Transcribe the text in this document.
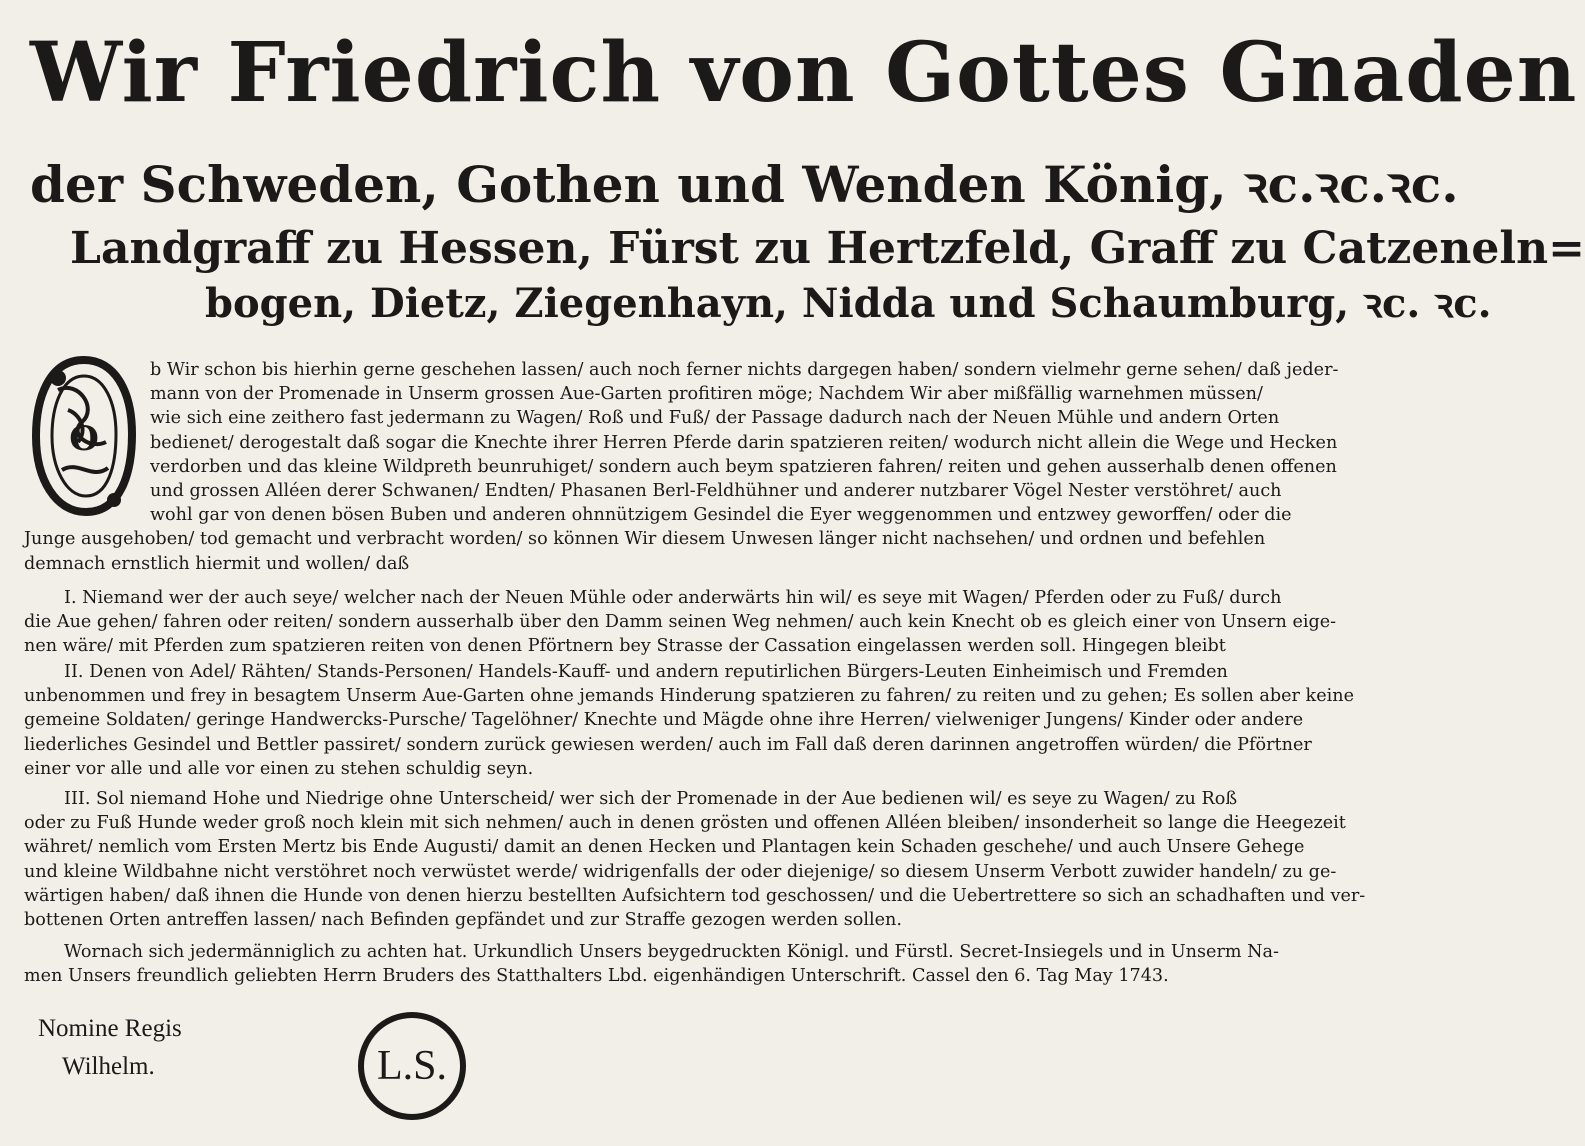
Wir Friedrich von Gottes Gnaden
der Schweden, Gothen und Wenden König, ꝛc.ꝛc.ꝛc.
Landgraff zu Hessen, Fürst zu Hertzfeld, Graff zu Catzeneln=
bogen, Dietz, Ziegenhayn, Nidda und Schaumburg, ꝛc. ꝛc.
O
b Wir schon bis hierhin gerne geschehen lassen/ auch noch ferner nichts dargegen haben/ sondern vielmehr gerne sehen/ daß jeder-
mann von der Promenade in Unserm grossen Aue-Garten profitiren möge; Nachdem Wir aber mißfällig warnehmen müssen/
wie sich eine zeithero fast jedermann zu Wagen/ Roß und Fuß/ der Passage dadurch nach der Neuen Mühle und andern Orten
bedienet/ derogestalt daß sogar die Knechte ihrer Herren Pferde darin spatzieren reiten/ wodurch nicht allein die Wege und Hecken
verdorben und das kleine Wildpreth beunruhiget/ sondern auch beym spatzieren fahren/ reiten und gehen ausserhalb denen offenen
und grossen Alléen derer Schwanen/ Endten/ Phasanen Berl-Feldhühner und anderer nutzbarer Vögel Nester verstöhret/ auch
wohl gar von denen bösen Buben und anderen ohnnützigem Gesindel die Eyer weggenommen und entzwey geworffen/ oder die
Junge ausgehoben/ tod gemacht und verbracht worden/ so können Wir diesem Unwesen länger nicht nachsehen/ und ordnen und befehlen
demnach ernstlich hiermit und wollen/ daß
I. Niemand wer der auch seye/ welcher nach der Neuen Mühle oder anderwärts hin wil/ es seye mit Wagen/ Pferden oder zu Fuß/ durch
die Aue gehen/ fahren oder reiten/ sondern ausserhalb über den Damm seinen Weg nehmen/ auch kein Knecht ob es gleich einer von Unsern eige-
nen wäre/ mit Pferden zum spatzieren reiten von denen Pförtnern bey Strasse der Cassation eingelassen werden soll. Hingegen bleibt
II. Denen von Adel/ Rähten/ Stands-Personen/ Handels-Kauff- und andern reputirlichen Bürgers-Leuten Einheimisch und Fremden
unbenommen und frey in besagtem Unserm Aue-Garten ohne jemands Hinderung spatzieren zu fahren/ zu reiten und zu gehen; Es sollen aber keine
gemeine Soldaten/ geringe Handwercks-Pursche/ Tagelöhner/ Knechte und Mägde ohne ihre Herren/ vielweniger Jungens/ Kinder oder andere
liederliches Gesindel und Bettler passiret/ sondern zurück gewiesen werden/ auch im Fall daß deren darinnen angetroffen würden/ die Pförtner
einer vor alle und alle vor einen zu stehen schuldig seyn.
III. Sol niemand Hohe und Niedrige ohne Unterscheid/ wer sich der Promenade in der Aue bedienen wil/ es seye zu Wagen/ zu Roß
oder zu Fuß Hunde weder groß noch klein mit sich nehmen/ auch in denen grösten und offenen Alléen bleiben/ insonderheit so lange die Heegezeit
währet/ nemlich vom Ersten Mertz bis Ende Augusti/ damit an denen Hecken und Plantagen kein Schaden geschehe/ und auch Unsere Gehege
und kleine Wildbahne nicht verstöhret noch verwüstet werde/ widrigenfalls der oder diejenige/ so diesem Unserm Verbott zuwider handeln/ zu ge-
wärtigen haben/ daß ihnen die Hunde von denen hierzu bestellten Aufsichtern tod geschossen/ und die Uebertrettere so sich an schadhaften und ver-
bottenen Orten antreffen lassen/ nach Befinden gepfändet und zur Straffe gezogen werden sollen.
Wornach sich jedermänniglich zu achten hat. Urkundlich Unsers beygedruckten Königl. und Fürstl. Secret-Insiegels und in Unserm Na-
men Unsers freundlich geliebten Herrn Bruders des Statthalters Lbd. eigenhändigen Unterschrift. Cassel den 6. Tag May 1743.
Nomine Regis
Wilhelm.	L.S.
